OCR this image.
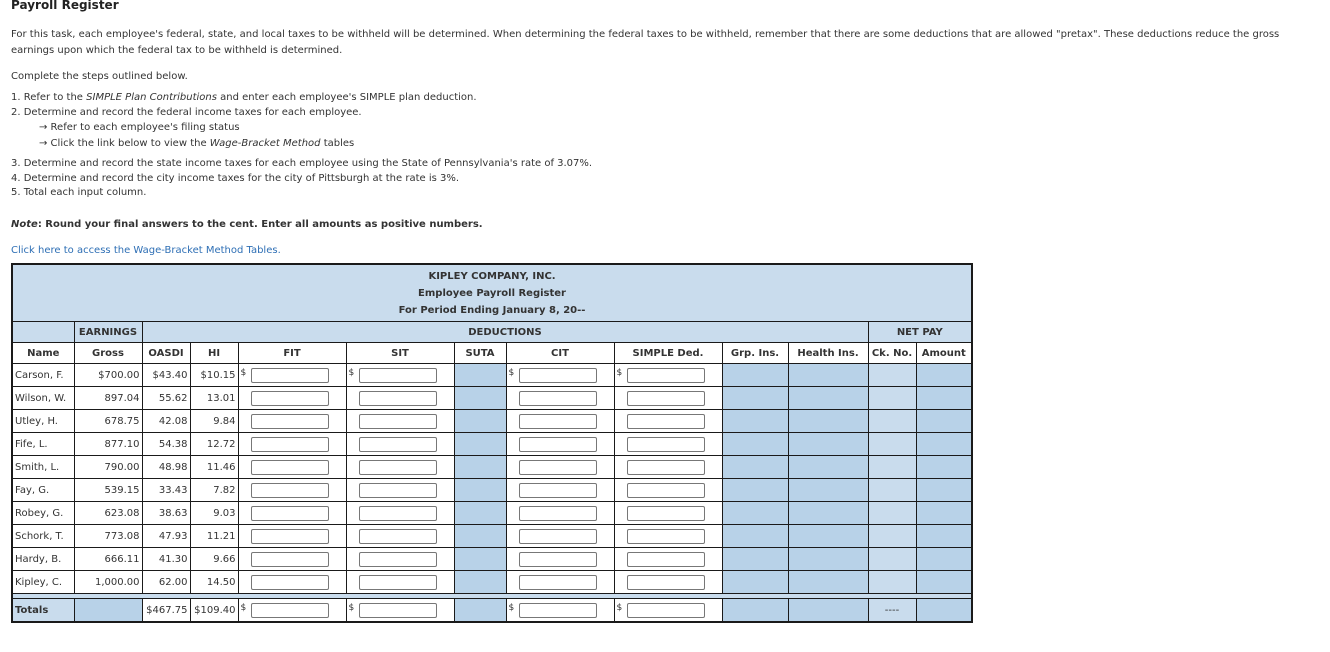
Payroll Register

For this task, each employee's federal, state, and local taxes to be withheld will be determined. When determining the federal taxes to be withheld, remember that there are some deductions that are allowed "pretax". These deductions reduce the gross earnings upon which the federal tax to be withheld is determined.

Complete the steps outlined below.

1. Refer to the SIMPLE Plan Contributions and enter each employee's SIMPLE plan deduction.
2. Determine and record the federal income taxes for each employee.
→ Refer to each employee's filing status
→ Click the link below to view the Wage-Bracket Method tables
3. Determine and record the state income taxes for each employee using the State of Pennsylvania's rate of 3.07%.
4. Determine and record the city income taxes for the city of Pittsburgh at the rate is 3%.
5. Total each input column.

Note: Round your final answers to the cent. Enter all amounts as positive numbers.

Click here to access the Wage-Bracket Method Tables.
KIPLEY COMPANY, INC.
Employee Payroll Register
For Period Ending January 8, 20--												

	EARNINGS	DEDUCTIONS									NET PAY	
Name	Gross	OASDI	HI	FIT	SIT	SUTA	CIT	SIMPLE Ded.	Grp. Ins.	Health Ins.	Ck. No.	Amount
Carson, F.	$700.00	$43.40	$10.15	$	$		$	$				

Wilson, W.	897.04	55.62	13.01									
Utley, H.	678.75	42.08	9.84									
Fife, L.	877.10	54.38	12.72									
Smith, L.	790.00	48.98	11.46									
Fay, G.	539.15	33.43	7.82									
Robey, G.	623.08	38.63	9.03									
Schork, T.	773.08	47.93	11.21									
Hardy, B.	666.11	41.30	9.66									
Kipley, C.	1,000.00	62.00	14.50									

Totals		$467.75	$109.40	$	$		$	$			----	
